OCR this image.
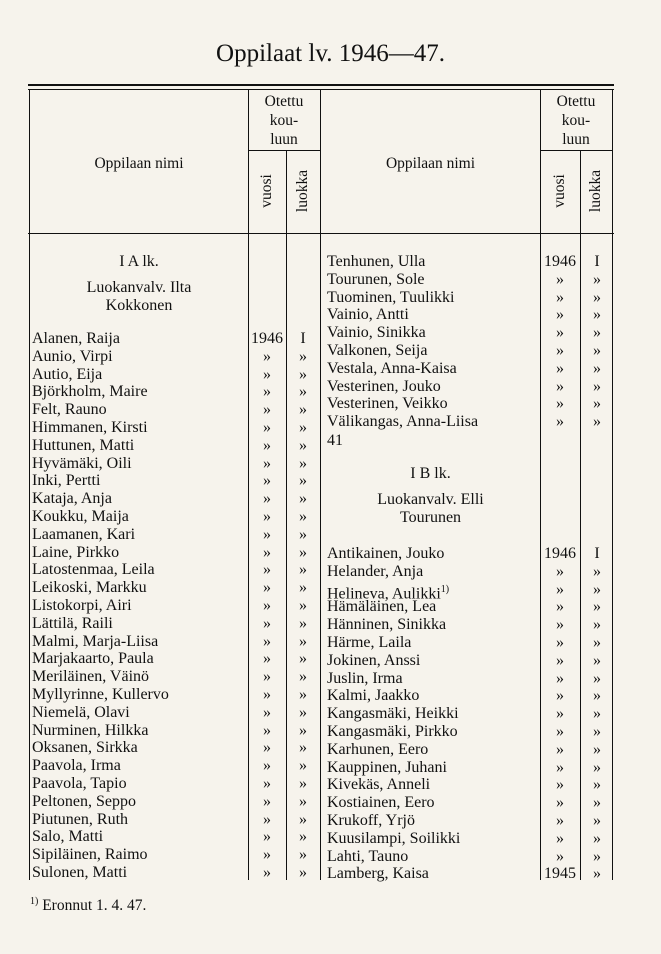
Oppilaat lv. 1946—47.
Oppilaan nimi	Oppilaan nimi
Otettu
kou-
luun
Otettu
kou-
luun
vuosi luokka	vuosi luokka
I A lk.
Luokanvalv. Ilta
Kokkonen
41
I B lk.
Luokanvalv. Elli
Tourunen
Alanen, Raija	1946	I
Aunio, Virpi	»	»
Autio, Eija	»	»
Björkholm, Maire	»	»
Felt, Rauno	»	»
Himmanen, Kirsti	»	»
Huttunen, Matti	»	»
Hyvämäki, Oili	»	»
Inki, Pertti	»	»
Kataja, Anja	»	»
Koukku, Maija	»	»
Laamanen, Kari	»	»
Laine, Pirkko	»	»
Latostenmaa, Leila	»	»
Leikoski, Markku	»	»
Listokorpi, Airi	»	»
Lättilä, Raili	»	»
Malmi, Marja-Liisa	»	»
Marjakaarto, Paula	»	»
Meriläinen, Väinö	»	»
Myllyrinne, Kullervo	»	»
Niemelä, Olavi	»	»
Nurminen, Hilkka	»	»
Oksanen, Sirkka	»	»
Paavola, Irma	»	»
Paavola, Tapio	»	»
Peltonen, Seppo	»	»
Piutunen, Ruth	»	»
Salo, Matti	»	»
Sipiläinen, Raimo	»	»
Sulonen, Matti	»	»
Tenhunen, Ulla	1946	I
Tourunen, Sole	»	»
Tuominen, Tuulikki	»	»
Vainio, Antti	»	»
Vainio, Sinikka	»	»
Valkonen, Seija	»	»
Vestala, Anna-Kaisa	»	»
Vesterinen, Jouko	»	»
Vesterinen, Veikko	»	»
Välikangas, Anna-Liisa	»	»
Antikainen, Jouko	1946	I
Helander, Anja	»	»
Helineva, Aulikki$^{1)}$	»	»
Hämäläinen, Lea	»	»
Hänninen, Sinikka	»	»
Härme, Laila	»	»
Jokinen, Anssi	»	»
Juslin, Irma	»	»
Kalmi, Jaakko	»	»
Kangasmäki, Heikki	»	»
Kangasmäki, Pirkko	»	»
Karhunen, Eero	»	»
Kauppinen, Juhani	»	»
Kivekäs, Anneli	»	»
Kostiainen, Eero	»	»
Krukoff, Yrjö	»	»
Kuusilampi, Soilikki	»	»
Lahti, Tauno	»	»
Lamberg, Kaisa	1945	»
$^{1)}$ Eronnut 1. 4. 47.
